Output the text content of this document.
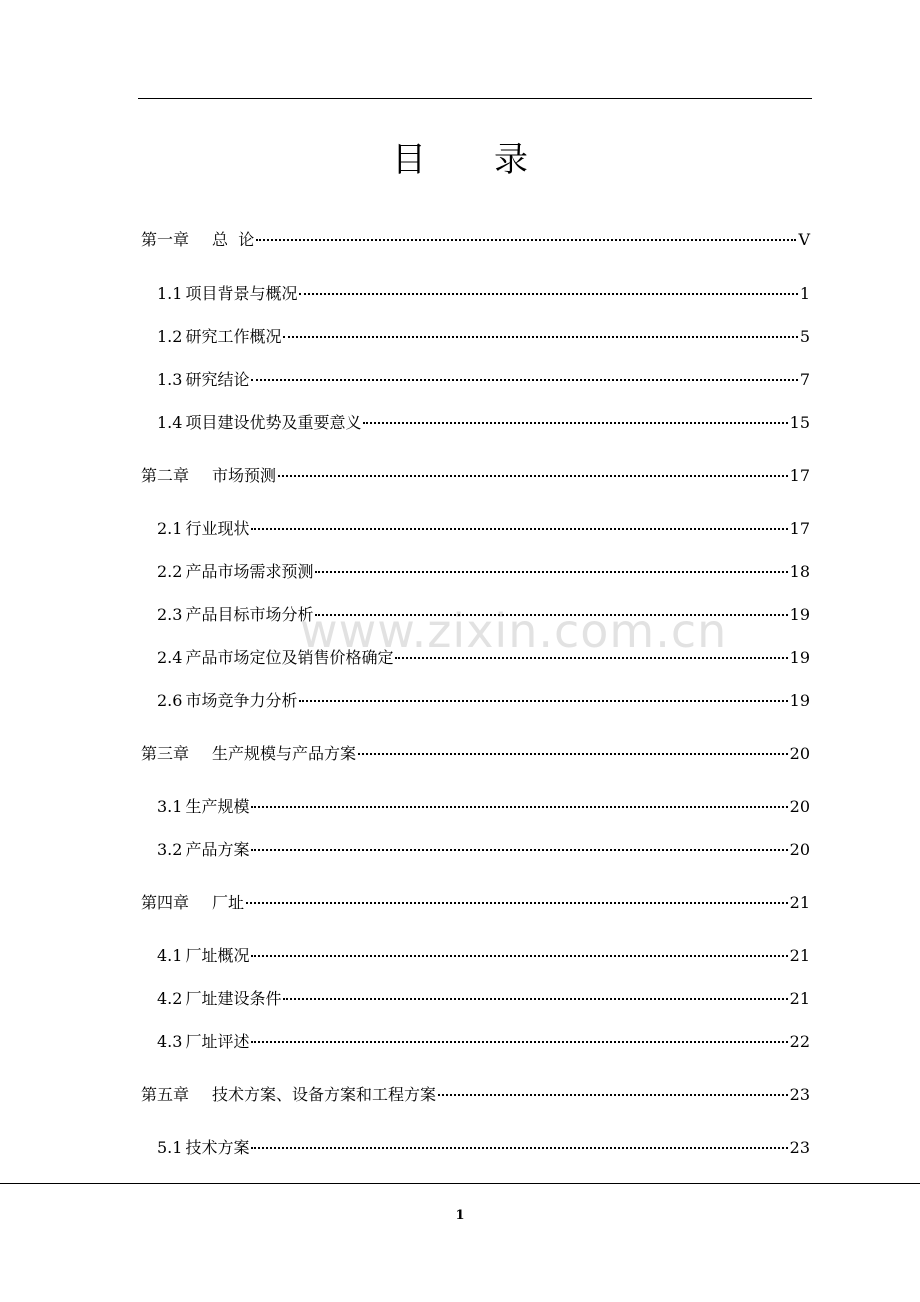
目 录
www.zixin.com.cn
第一章 总  论	V
1.1 项目背景与概况	1
1.2 研究工作概况	5
1.3 研究结论	7
1.4 项目建设优势及重要意义	15
第二章 市场预测	17
2.1 行业现状	17
2.2 产品市场需求预测	18
2.3 产品目标市场分析	19
2.4 产品市场定位及销售价格确定	19
2.6 市场竞争力分析	19
第三章 生产规模与产品方案	20
3.1 生产规模	20
3.2 产品方案	20
第四章 厂址	21
4.1 厂址概况	21
4.2 厂址建设条件	21
4.3 厂址评述	22
第五章 技术方案、设备方案和工程方案	23
5.1 技术方案	23
1
